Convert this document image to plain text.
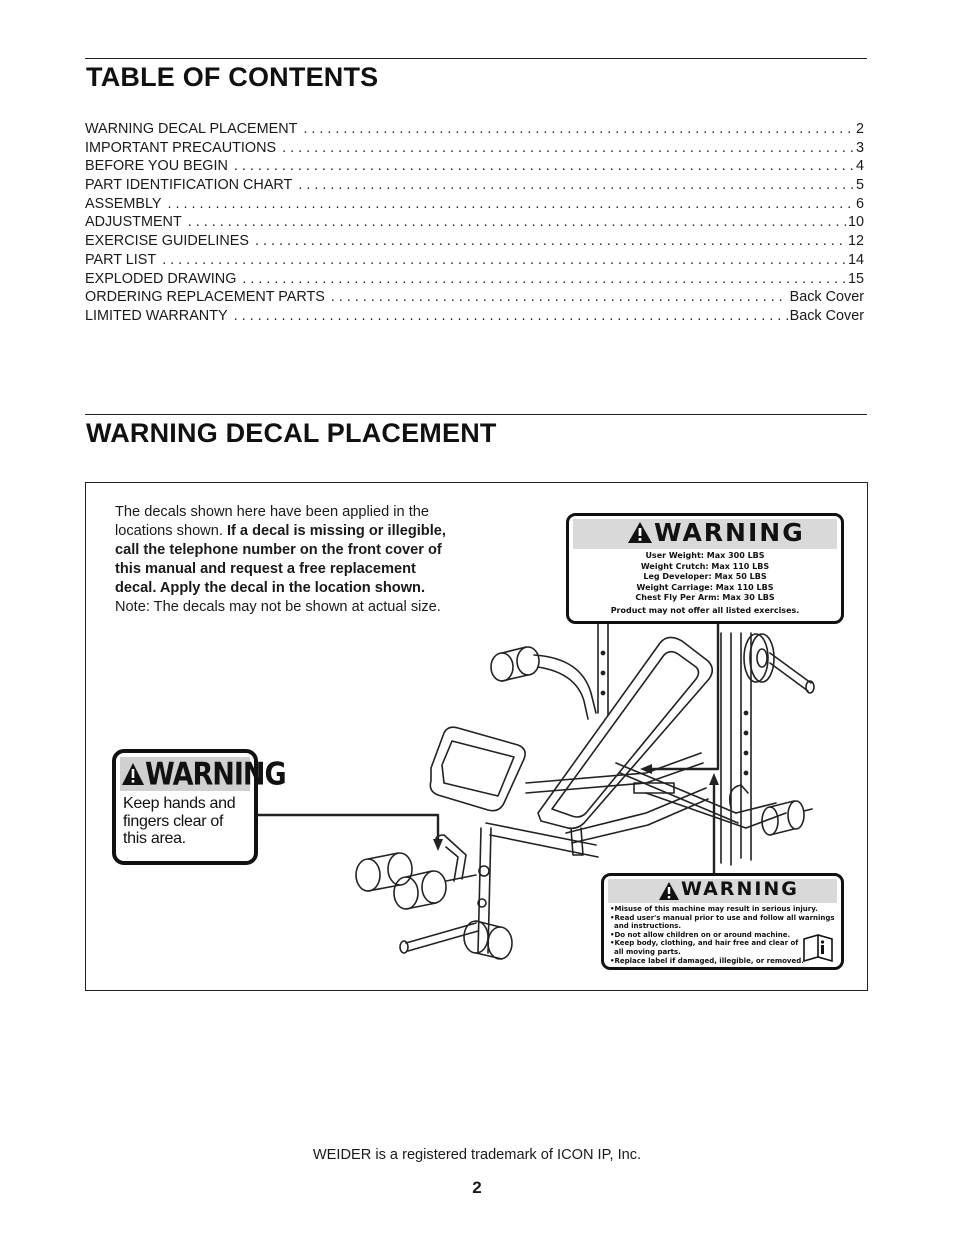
TABLE OF CONTENTS
WARNING DECAL PLACEMENT . . .	2
IMPORTANT PRECAUTIONS . . .	3
BEFORE YOU BEGIN . . .	4
PART IDENTIFICATION CHART . . .	5
ASSEMBLY . . .	6
ADJUSTMENT . . .	10
EXERCISE GUIDELINES . . .	12
PART LIST . . .	14
EXPLODED DRAWING . . .	15
ORDERING REPLACEMENT PARTS . . .	Back Cover
LIMITED WARRANTY . . .	Back Cover
WARNING DECAL PLACEMENT
The decals shown here have been applied in the locations shown. If a decal is missing or illegible, call the telephone number on the front cover of this manual and request a free replacement decal. Apply the decal in the location shown. Note: The decals may not be shown at actual size.
WARNING
User Weight: Max 300 LBS
Weight Crutch: Max 110 LBS
Leg Developer: Max 50 LBS
Weight Carriage: Max 110 LBS
Chest Fly Per Arm: Max 30 LBS
Product may not offer all listed exercises.
WARNING
Keep hands and
fingers clear of
this area.
WARNING
•Misuse of this machine may result in serious injury.
•Read user's manual prior to use and follow all warnings
and instructions.
•Do not allow children on or around machine.
•Keep body, clothing, and hair free and clear of
all moving parts.
•Replace label if damaged, illegible, or removed.
WEIDER is a registered trademark of ICON IP, Inc.
2
